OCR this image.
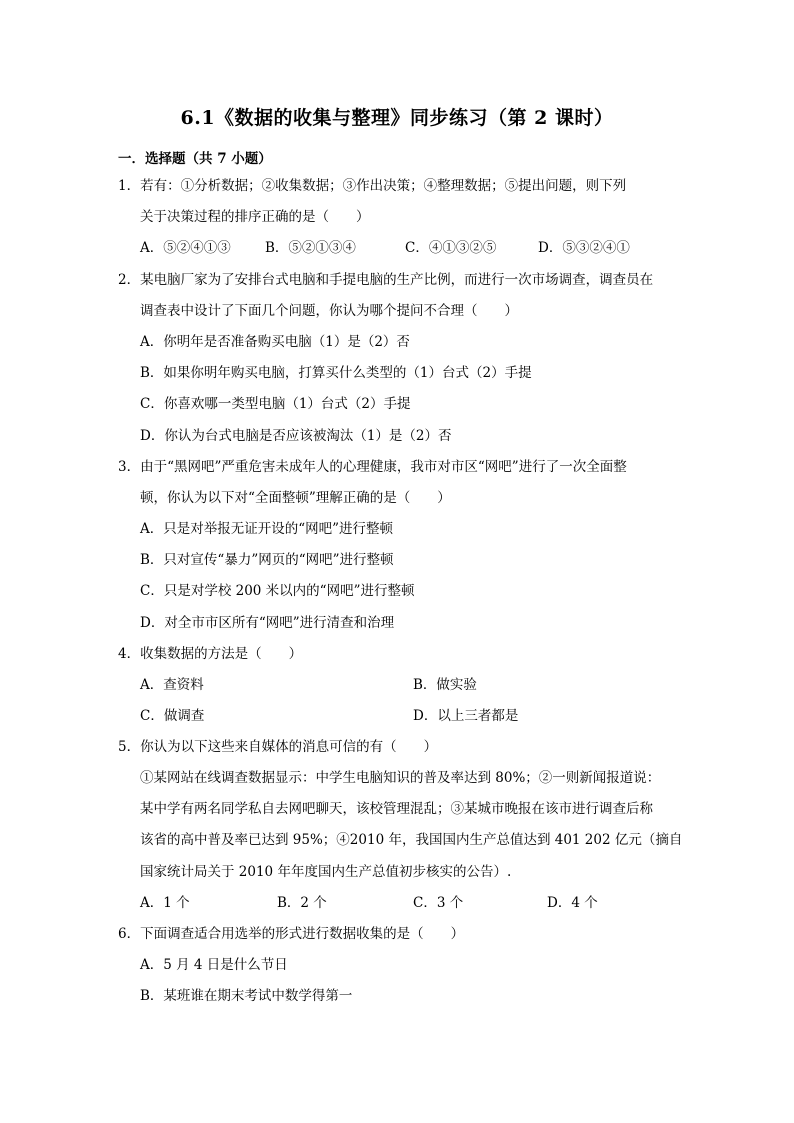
6.1《数据的收集与整理》同步练习（第 2 课时）
一．选择题（共 7 小题）
1．若有：①分析数据；②收集数据；③作出决策；④整理数据；⑤提出问题，则下列
关于决策过程的排序正确的是（　　）
A．⑤②④①③	B．⑤②①③④	C．④①③②⑤	D．⑤③②④①
2．某电脑厂家为了安排台式电脑和手提电脑的生产比例，而进行一次市场调查，调查员在
调查表中设计了下面几个问题，你认为哪个提问不合理（　　）
A．你明年是否准备购买电脑（1）是（2）否
B．如果你明年购买电脑，打算买什么类型的（1）台式（2）手提
C．你喜欢哪一类型电脑（1）台式（2）手提
D．你认为台式电脑是否应该被淘汰（1）是（2）否
3．由于“黑网吧”严重危害未成年人的心理健康，我市对市区“网吧”进行了一次全面整
顿，你认为以下对“全面整顿”理解正确的是（　　）
A．只是对举报无证开设的“网吧”进行整顿
B．只对宣传“暴力”网页的“网吧”进行整顿
C．只是对学校 200 米以内的“网吧”进行整顿
D．对全市市区所有“网吧”进行清查和治理
4．收集数据的方法是（　　）
A．查资料	B．做实验
C．做调查	D．以上三者都是
5．你认为以下这些来自媒体的消息可信的有（　　）
①某网站在线调查数据显示：中学生电脑知识的普及率达到 80%；②一则新闻报道说：
某中学有两名同学私自去网吧聊天，该校管理混乱；③某城市晚报在该市进行调查后称
该省的高中普及率已达到 95%；④2010 年，我国国内生产总值达到 401 202 亿元（摘自
国家统计局关于 2010 年年度国内生产总值初步核实的公告）.
A．1 个	B．2 个	C．3 个	D．4 个
6．下面调查适合用选举的形式进行数据收集的是（　　）
A．5 月 4 日是什么节日
B．某班谁在期末考试中数学得第一
